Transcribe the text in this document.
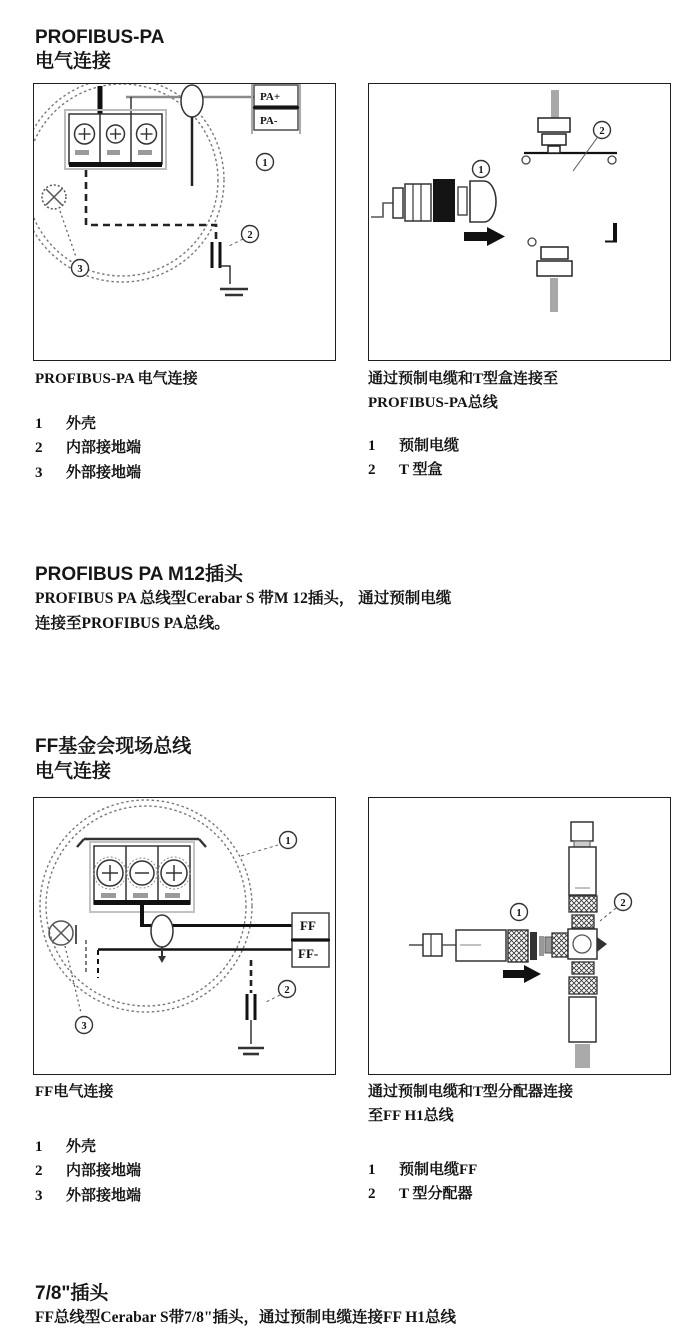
PROFIBUS-PA
电气连接
PA+
PA-
1
2
3
1
2
PROFIBUS-PA 电气连接
1 外壳
2 内部接地端
3 外部接地端
通过预制电缆和T型盒连接至
PROFIBUS-PA总线
1 预制电缆
2 T 型盒
PROFIBUS PA M12插头
PROFIBUS PA 总线型Cerabar S 带M 12插头， 通过预制电缆
连接至PROFIBUS PA总线。
FF基金会现场总线
电气连接
FF
FF-
1
2
3
1
2
FF电气连接
1 外壳
2 内部接地端
3 外部接地端
通过预制电缆和T型分配器连接
至FF H1总线
1 预制电缆FF
2 T 型分配器
7/8"插头
FF总线型Cerabar S带7/8"插头，通过预制电缆连接FF H1总线
